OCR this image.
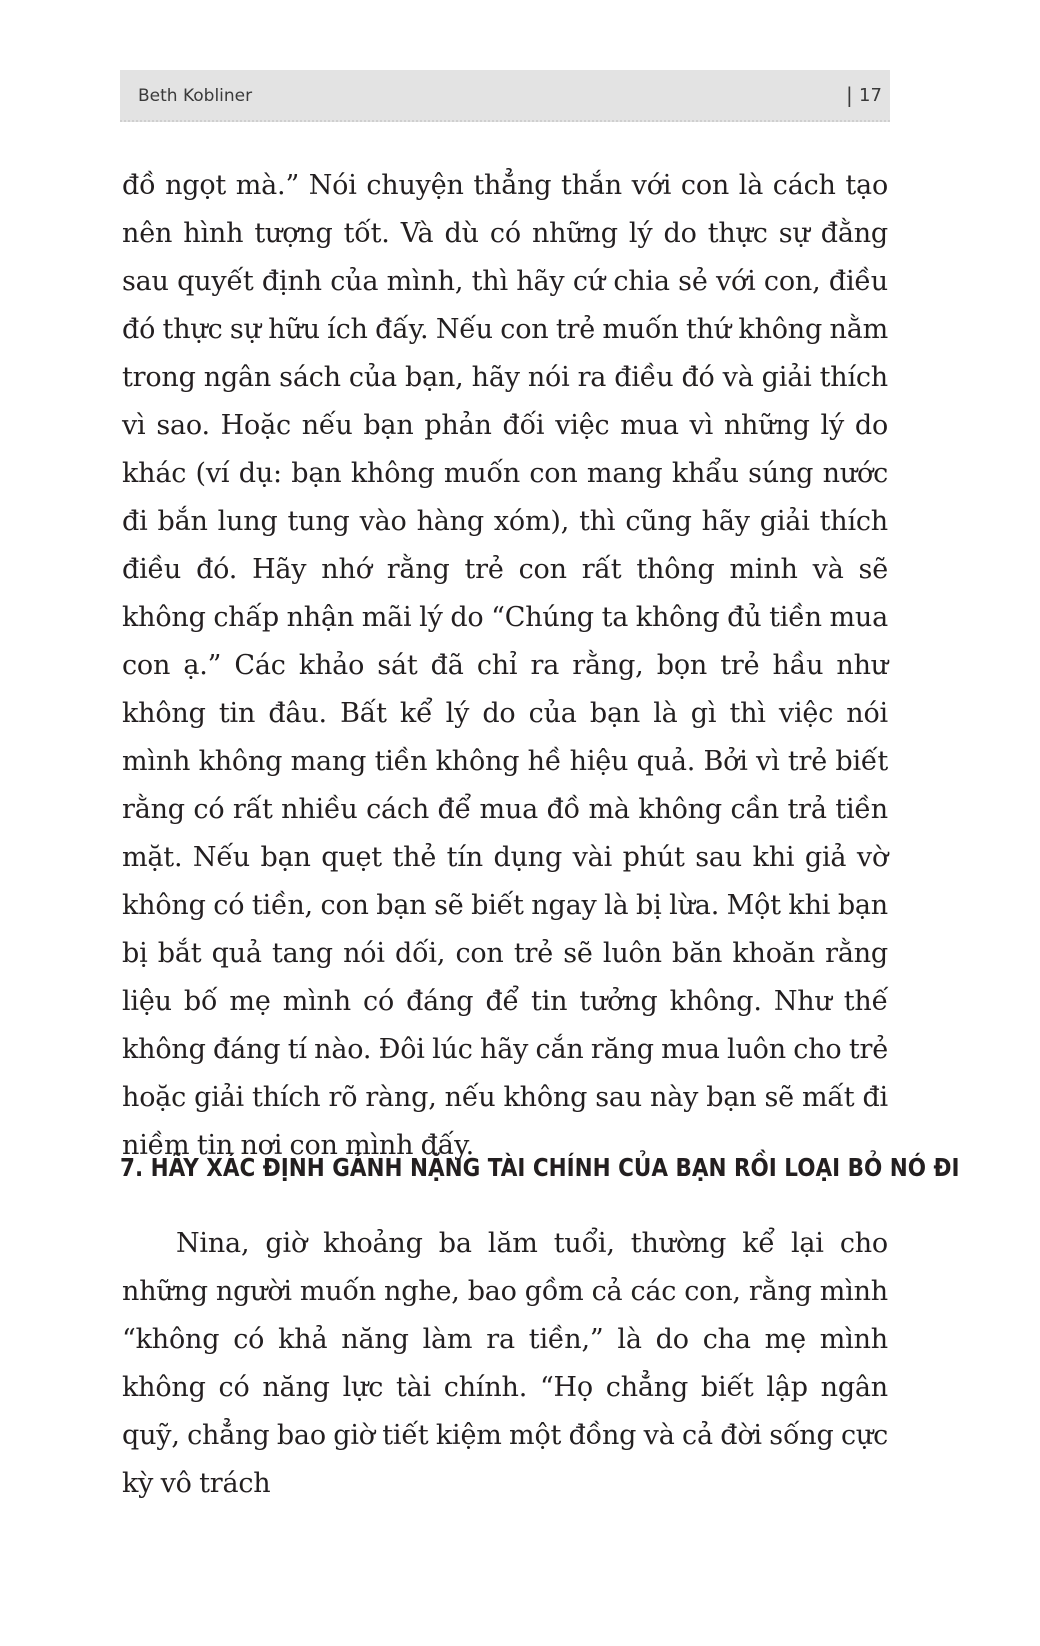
Beth Kobliner	| 17

đồ ngọt mà.” Nói chuyện thẳng thắn với con là cách tạo nên hình tượng tốt. Và dù có những lý do thực sự đằng sau quyết định của mình, thì hãy cứ chia sẻ với con, điều đó thực sự hữu ích đấy. Nếu con trẻ muốn thứ không nằm trong ngân sách của bạn, hãy nói ra điều đó và giải thích vì sao. Hoặc nếu bạn phản đối việc mua vì những lý do khác (ví dụ: bạn không muốn con mang khẩu súng nước đi bắn lung tung vào hàng xóm), thì cũng hãy giải thích điều đó. Hãy nhớ rằng trẻ con rất thông minh và sẽ không chấp nhận mãi lý do “Chúng ta không đủ tiền mua con ạ.” Các khảo sát đã chỉ ra rằng, bọn trẻ hầu như không tin đâu. Bất kể lý do của bạn là gì thì việc nói mình không mang tiền không hề hiệu quả. Bởi vì trẻ biết rằng có rất nhiều cách để mua đồ mà không cần trả tiền mặt. Nếu bạn quẹt thẻ tín dụng vài phút sau khi giả vờ không có tiền, con bạn sẽ biết ngay là bị lừa. Một khi bạn bị bắt quả tang nói dối, con trẻ sẽ luôn băn khoăn rằng liệu bố mẹ mình có đáng để tin tưởng không. Như thế không đáng tí nào. Đôi lúc hãy cắn răng mua luôn cho trẻ hoặc giải thích rõ ràng, nếu không sau này bạn sẽ mất đi niềm tin nơi con mình đấy.

7. HÃY XÁC ĐỊNH GÁNH NẶNG TÀI CHÍNH CỦA BẠN RỒI LOẠI BỎ NÓ ĐI

Nina, giờ khoảng ba lăm tuổi, thường kể lại cho những người muốn nghe, bao gồm cả các con, rằng mình “không có khả năng làm ra tiền,” là do cha mẹ mình không có năng lực tài chính. “Họ chẳng biết lập ngân quỹ, chẳng bao giờ tiết kiệm một đồng và cả đời sống cực kỳ vô trách
